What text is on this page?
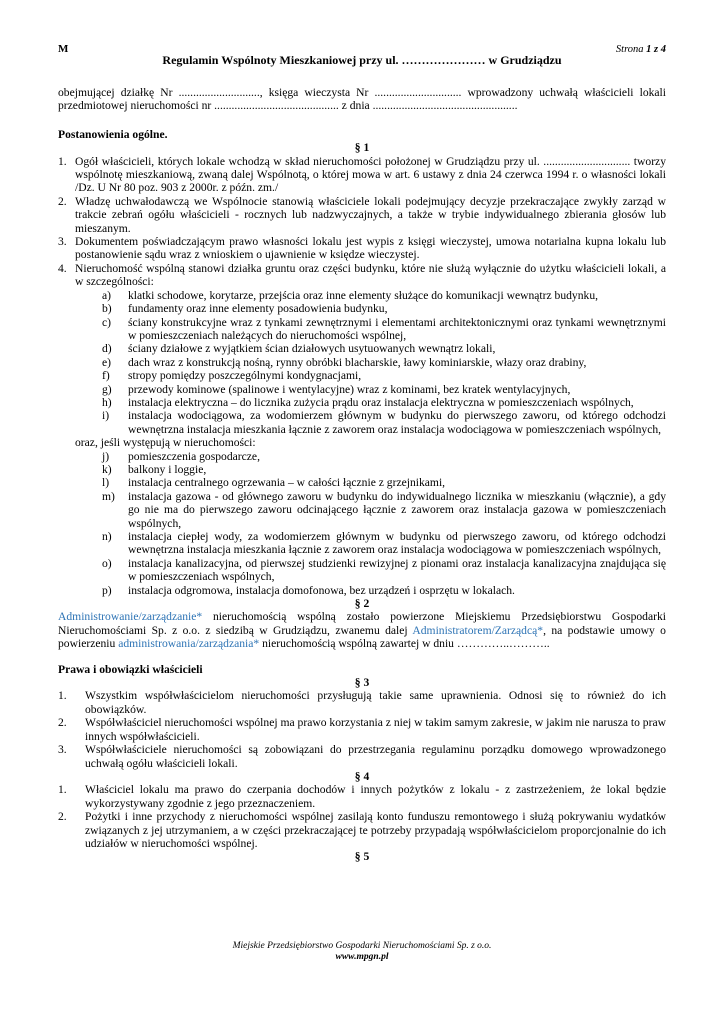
M	Strona 1 z 4
Regulamin Wspólnoty Mieszkaniowej przy ul. ………………… w Grudziądzu

obejmującej działkę Nr ............................, księga wieczysta Nr .............................. wprowadzony uchwałą właścicieli lokali przedmiotowej nieruchomości nr ........................................... z dnia ..................................................

Postanowienia ogólne.

§ 1

1. Ogół właścicieli, których lokale wchodzą w skład nieruchomości położonej w Grudziądzu przy ul. .............................. tworzy wspólnotę mieszkaniową, zwaną dalej Wspólnotą, o której mowa w art. 6 ustawy z dnia 24 czerwca 1994 r. o własności lokali /Dz. U Nr 80 poz. 903 z 2000r. z późn. zm./
2. Władzę uchwałodawczą we Wspólnocie stanowią właściciele lokali podejmujący decyzje przekraczające zwykły zarząd w trakcie zebrań ogółu właścicieli - rocznych lub nadzwyczajnych, a także w trybie indywidualnego zbierania głosów lub mieszanym.
3. Dokumentem poświadczającym prawo własności lokalu jest wypis z księgi wieczystej, umowa notarialna kupna lokalu lub postanowienie sądu wraz z wnioskiem o ujawnienie w księdze wieczystej.
4. Nieruchomość wspólną stanowi działka gruntu oraz części budynku, które nie służą wyłącznie do użytku właścicieli lokali, a w szczególności:
a) klatki schodowe, korytarze, przejścia oraz inne elementy służące do komunikacji wewnątrz budynku,
b) fundamenty oraz inne elementy posadowienia budynku,
c) ściany konstrukcyjne wraz z tynkami zewnętrznymi i elementami architektonicznymi oraz tynkami wewnętrznymi w pomieszczeniach należących do nieruchomości wspólnej,
d) ściany działowe z wyjątkiem ścian działowych usytuowanych wewnątrz lokali,
e) dach wraz z konstrukcją nośną, rynny obróbki blacharskie, ławy kominiarskie, włazy oraz drabiny,
f) stropy pomiędzy poszczególnymi kondygnacjami,
g) przewody kominowe (spalinowe i wentylacyjne) wraz z kominami, bez kratek wentylacyjnych,
h) instalacja elektryczna – do licznika zużycia prądu oraz instalacja elektryczna w pomieszczeniach wspólnych,
i) instalacja wodociągowa, za wodomierzem głównym w budynku do pierwszego zaworu, od którego odchodzi wewnętrzna instalacja mieszkania łącznie z zaworem oraz instalacja wodociągowa w pomieszczeniach wspólnych,

oraz, jeśli występują w nieruchomości:

j) pomieszczenia gospodarcze,
k) balkony i loggie,
l) instalacja centralnego ogrzewania – w całości łącznie z grzejnikami,
m) instalacja gazowa - od głównego zaworu w budynku do indywidualnego licznika w mieszkaniu (włącznie), a gdy go nie ma do pierwszego zaworu odcinającego łącznie z zaworem oraz instalacja gazowa w pomieszczeniach wspólnych,
n) instalacja ciepłej wody, za wodomierzem głównym w budynku od pierwszego zaworu, od którego odchodzi wewnętrzna instalacja mieszkania łącznie z zaworem oraz instalacja wodociągowa w pomieszczeniach wspólnych,
o) instalacja kanalizacyjna, od pierwszej studzienki rewizyjnej z pionami oraz instalacja kanalizacyjna znajdująca się w pomieszczeniach wspólnych,
p) instalacja odgromowa, instalacja domofonowa, bez urządzeń i osprzętu w lokalach.

§ 2

Administrowanie/zarządzanie* nieruchomością wspólną zostało powierzone Miejskiemu Przedsiębiorstwu Gospodarki Nieruchomościami Sp. z o.o. z siedzibą w Grudziądzu, zwanemu dalej Administratorem/Zarządcą*, na podstawie umowy o powierzeniu administrowania/zarządzania* nieruchomością wspólną zawartej w dniu …………..………..

Prawa i obowiązki właścicieli

§ 3

1. Wszystkim współwłaścicielom nieruchomości przysługują takie same uprawnienia. Odnosi się to również do ich obowiązków.
2. Współwłaściciel nieruchomości wspólnej ma prawo korzystania z niej w takim samym zakresie, w jakim nie narusza to praw innych współwłaścicieli.
3. Współwłaściciele nieruchomości są zobowiązani do przestrzegania regulaminu porządku domowego wprowadzonego uchwałą ogółu właścicieli lokali.

§ 4

1. Właściciel lokalu ma prawo do czerpania dochodów i innych pożytków z lokalu - z zastrzeżeniem, że lokal będzie wykorzystywany zgodnie z jego przeznaczeniem.
2. Pożytki i inne przychody z nieruchomości wspólnej zasilają konto funduszu remontowego i służą pokrywaniu wydatków związanych z jej utrzymaniem, a w części przekraczającej te potrzeby przypadają współwłaścicielom proporcjonalnie do ich udziałów w nieruchomości wspólnej.

§ 5

Miejskie Przedsiębiorstwo Gospodarki Nieruchomościami Sp. z o.o.
www.mpgn.pl
